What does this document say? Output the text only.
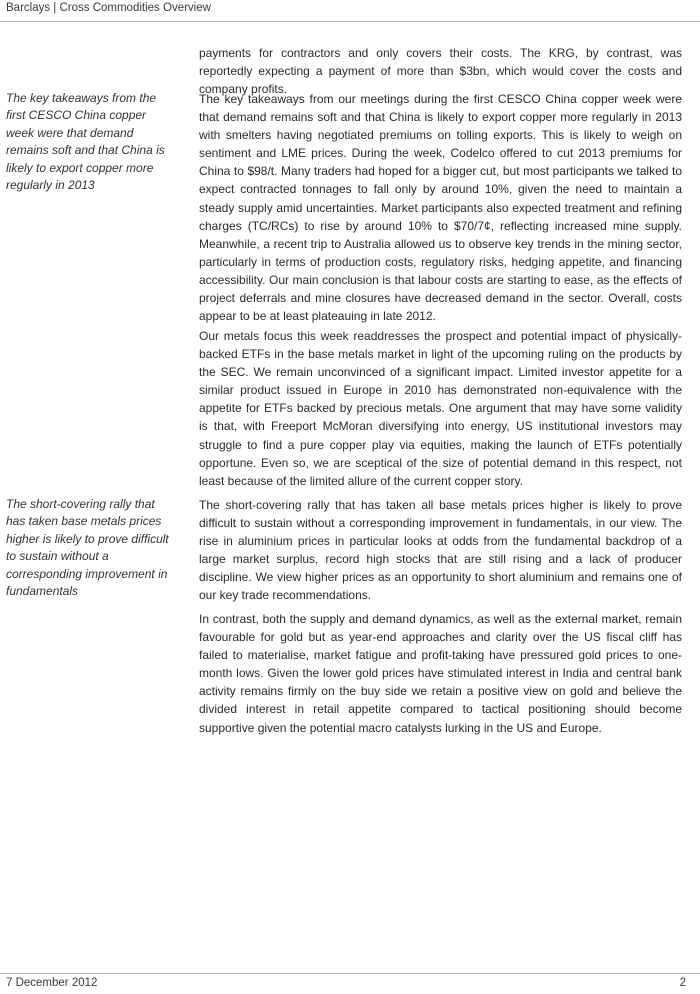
Barclays | Cross Commodities Overview
The key takeaways from the first CESCO China copper week were that demand remains soft and that China is likely to export copper more regularly in 2013
The short-covering rally that has taken base metals prices higher is likely to prove difficult to sustain without a corresponding improvement in fundamentals

payments for contractors and only covers their costs. The KRG, by contrast, was reportedly expecting a payment of more than $3bn, which would cover the costs and company profits.

The key takeaways from our meetings during the first CESCO China copper week were that demand remains soft and that China is likely to export copper more regularly in 2013 with smelters having negotiated premiums on tolling exports. This is likely to weigh on sentiment and LME prices. During the week, Codelco offered to cut 2013 premiums for China to $98/t. Many traders had hoped for a bigger cut, but most participants we talked to expect contracted tonnages to fall only by around 10%, given the need to maintain a steady supply amid uncertainties. Market participants also expected treatment and refining charges (TC/RCs) to rise by around 10% to $70/7¢, reflecting increased mine supply. Meanwhile, a recent trip to Australia allowed us to observe key trends in the mining sector, particularly in terms of production costs, regulatory risks, hedging appetite, and financing accessibility. Our main conclusion is that labour costs are starting to ease, as the effects of project deferrals and mine closures have decreased demand in the sector. Overall, costs appear to be at least plateauing in late 2012.

Our metals focus this week readdresses the prospect and potential impact of physically-backed ETFs in the base metals market in light of the upcoming ruling on the products by the SEC. We remain unconvinced of a significant impact. Limited investor appetite for a similar product issued in Europe in 2010 has demonstrated non-equivalence with the appetite for ETFs backed by precious metals. One argument that may have some validity is that, with Freeport McMoran diversifying into energy, US institutional investors may struggle to find a pure copper play via equities, making the launch of ETFs potentially opportune. Even so, we are sceptical of the size of potential demand in this respect, not least because of the limited allure of the current copper story.

The short-covering rally that has taken all base metals prices higher is likely to prove difficult to sustain without a corresponding improvement in fundamentals, in our view. The rise in aluminium prices in particular looks at odds from the fundamental backdrop of a large market surplus, record high stocks that are still rising and a lack of producer discipline. We view higher prices as an opportunity to short aluminium and remains one of our key trade recommendations.

In contrast, both the supply and demand dynamics, as well as the external market, remain favourable for gold but as year-end approaches and clarity over the US fiscal cliff has failed to materialise, market fatigue and profit-taking have pressured gold prices to one-month lows. Given the lower gold prices have stimulated interest in India and central bank activity remains firmly on the buy side we retain a positive view on gold and believe the divided interest in retail appetite compared to tactical positioning should become supportive given the potential macro catalysts lurking in the US and Europe.

7 December 2012	2
